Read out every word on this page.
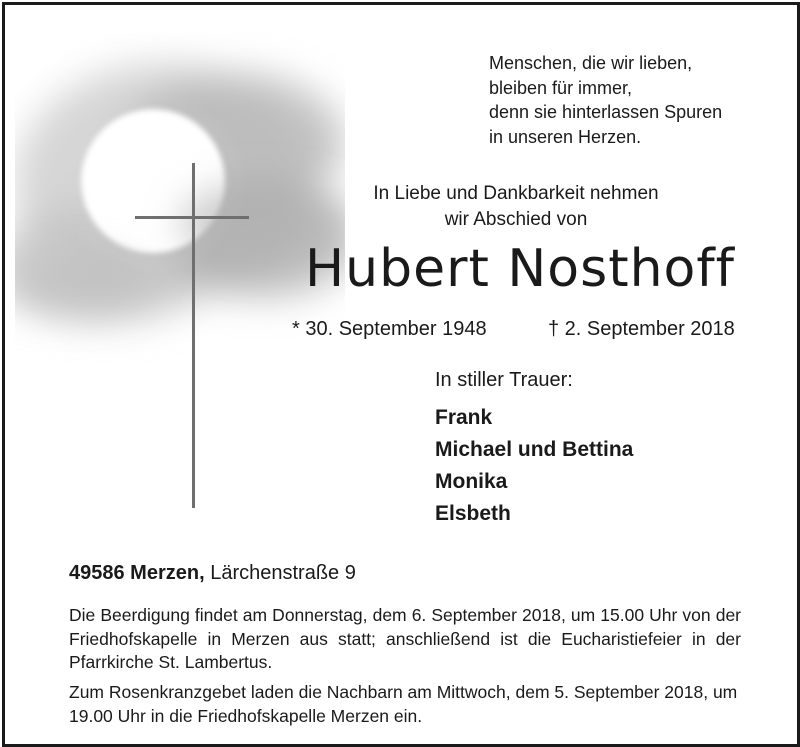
Menschen, die wir lieben,
bleiben für immer,
denn sie hinterlassen Spuren
in unseren Herzen.
In Liebe und Dankbarkeit nehmen
wir Abschied von
Hubert Nosthoff
* 30. September 1948	† 2. September 2018
In stiller Trauer:
Frank
Michael und Bettina
Monika
Elsbeth
49586 Merzen, Lärchenstraße 9
Die Beerdigung findet am Donnerstag, dem 6. September 2018, um 15.00 Uhr von der Friedhofskapelle in Merzen aus statt; anschließend ist die Eucharistiefeier in der Pfarrkirche St. Lambertus.
Zum Rosenkranzgebet laden die Nachbarn am Mittwoch, dem 5. September 2018, um 19.00 Uhr in die Friedhofskapelle Merzen ein.
